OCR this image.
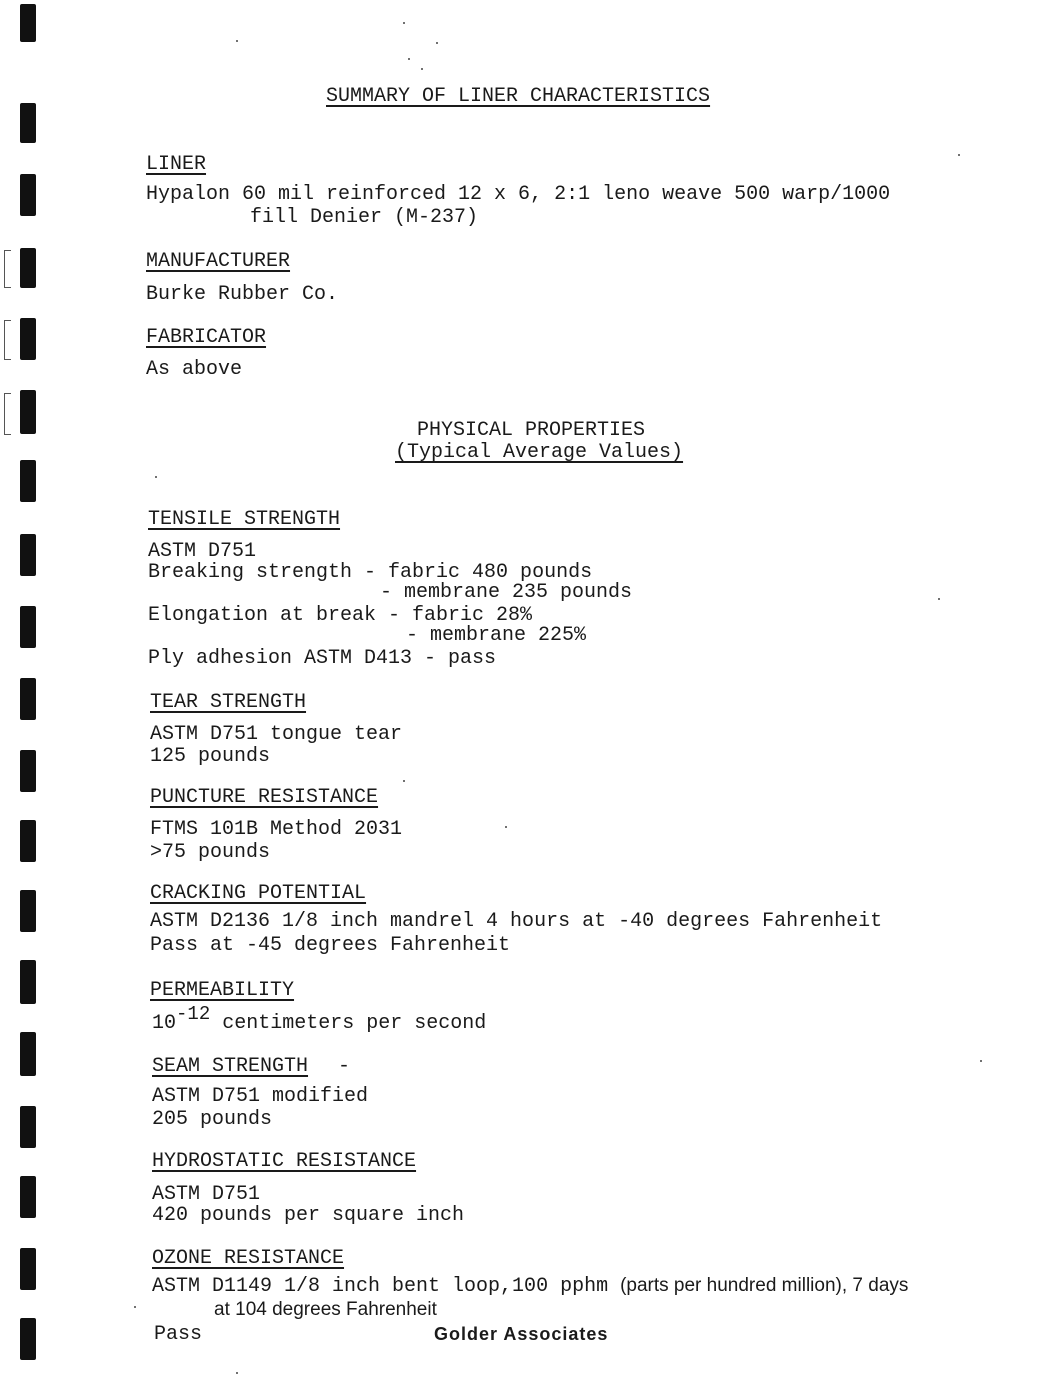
SUMMARY OF LINER CHARACTERISTICS
LINER
Hypalon 60 mil reinforced 12 x 6, 2:1 leno weave 500 warp/1000
fill Denier (M-237)
MANUFACTURER
Burke Rubber Co.
FABRICATOR
As above
PHYSICAL PROPERTIES
(Typical Average Values)
TENSILE STRENGTH
ASTM D751
Breaking strength - fabric 480 pounds
- membrane 235 pounds
Elongation at break - fabric 28%
- membrane 225%
Ply adhesion ASTM D413 - pass
TEAR STRENGTH
ASTM D751 tongue tear
125 pounds
PUNCTURE RESISTANCE
FTMS 101B Method 2031
>75 pounds
CRACKING POTENTIAL
ASTM D2136 1/8 inch mandrel 4 hours at -40 degrees Fahrenheit
Pass at -45 degrees Fahrenheit
PERMEABILITY
10-12 centimeters per second
SEAM STRENGTH -
ASTM D751 modified
205 pounds
HYDROSTATIC RESISTANCE
ASTM D751
420 pounds per square inch
OZONE RESISTANCE
ASTM D1149 1/8 inch bent loop,100 pphm (parts per hundred million), 7 days
at 104 degrees Fahrenheit
Pass	Golder Associates
